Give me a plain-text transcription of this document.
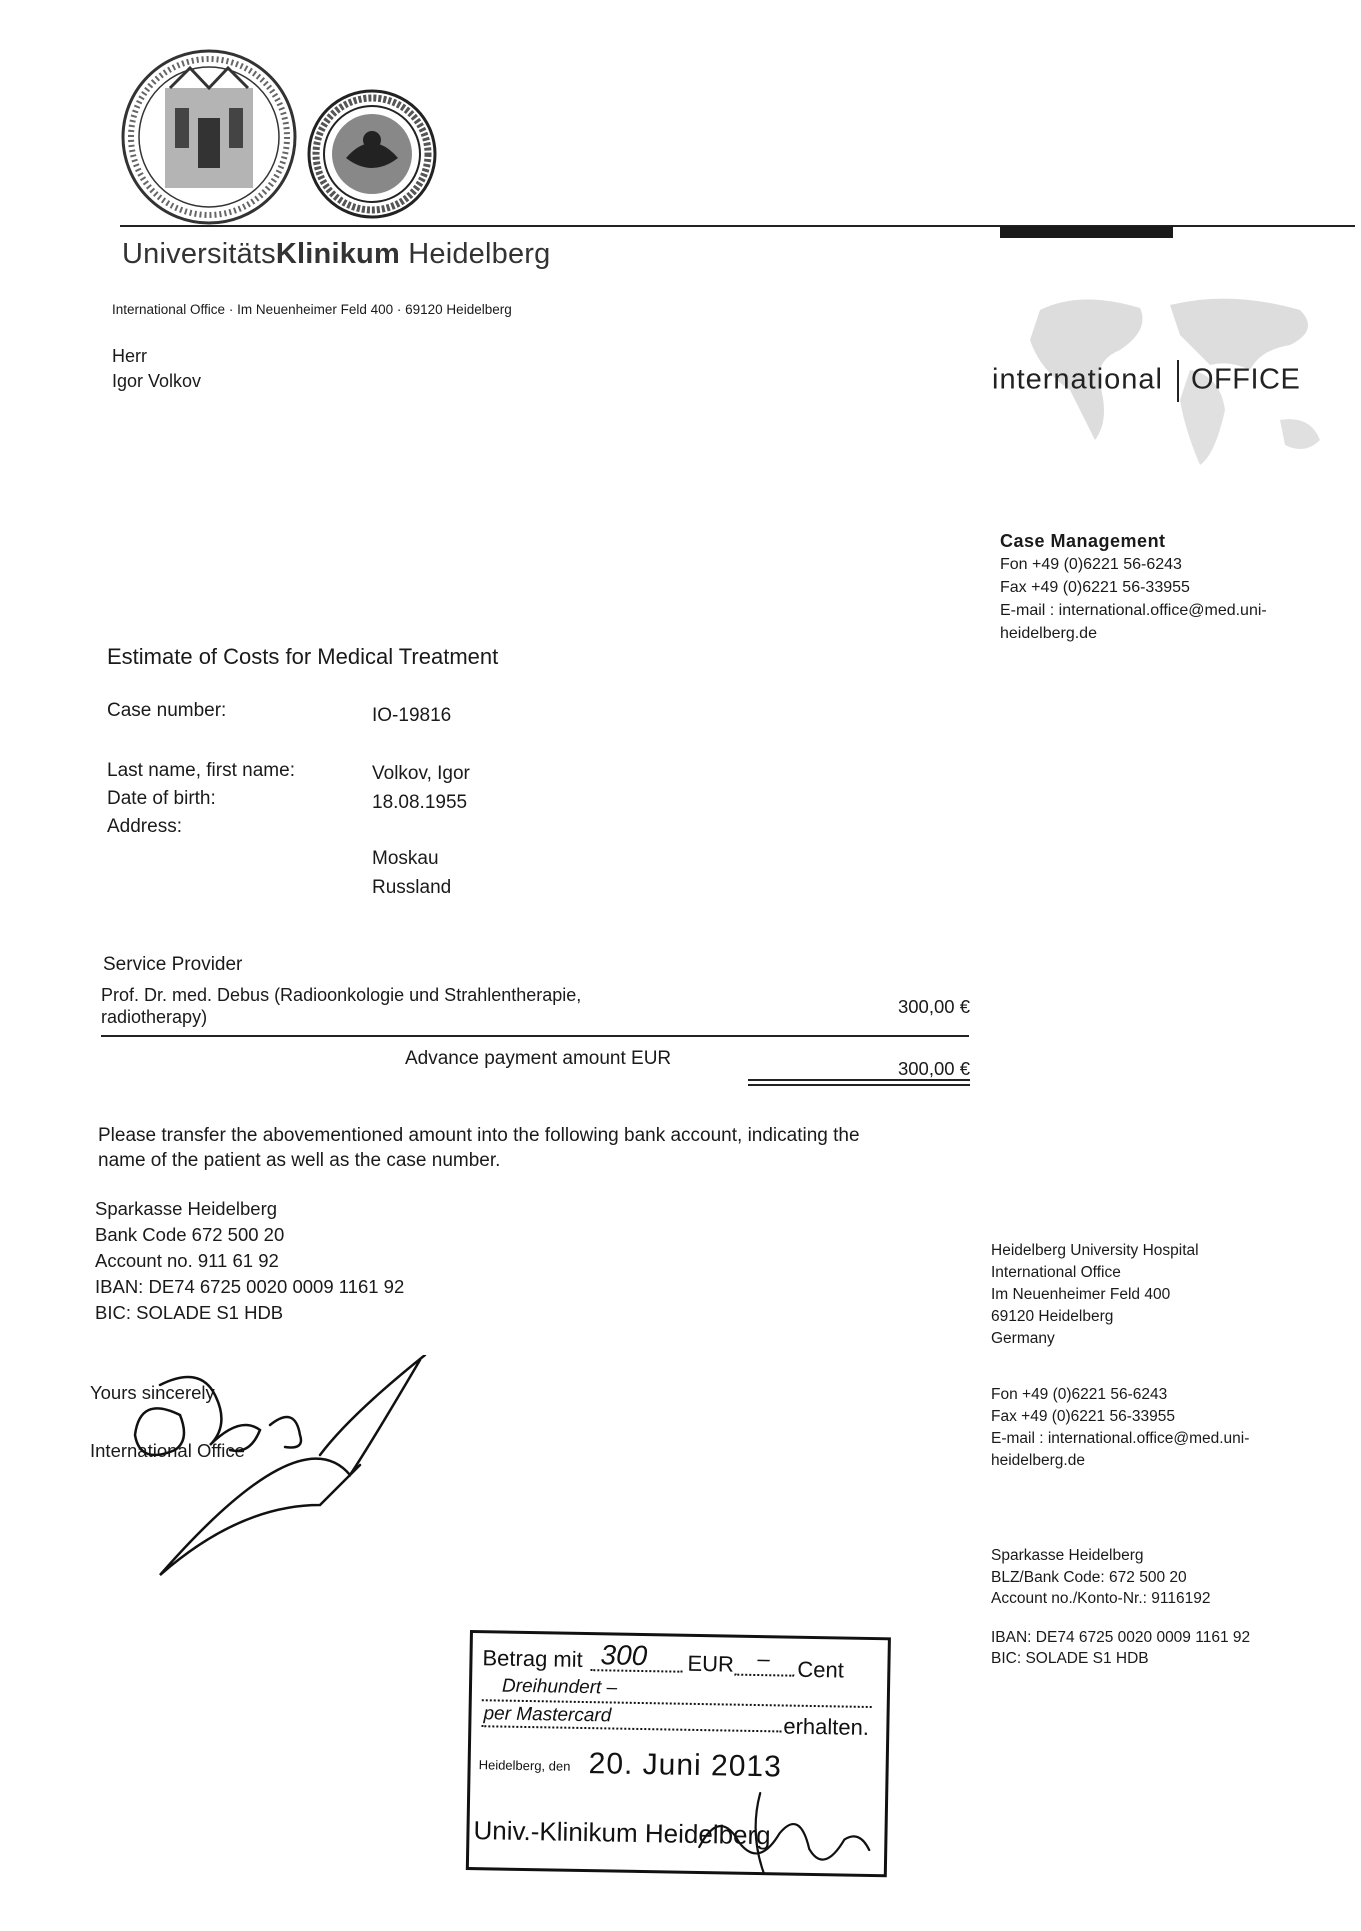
UniversitätsKlinikum Heidelberg
International Office · Im Neuenheimer Feld 400 · 69120 Heidelberg
Herr
Igor Volkov	international OFFICE
Case Management
Fon +49 (0)6221 56-6243
Fax +49 (0)6221 56-33955
E-mail : international.office@med.uni-
heidelberg.de
Estimate of Costs for Medical Treatment
Case number:	IO-19816
Last name, first name:	Volkov, Igor
Date of birth:	18.08.1955
Address:
Moskau
Russland
Service Provider
Prof. Dr. med. Debus (Radioonkologie und Strahlentherapie,
radiotherapy)	300,00 €
Advance payment amount EUR	300,00 €
Please transfer the abovementioned amount into the following bank account, indicating the
name of the patient as well as the case number.
Sparkasse Heidelberg
Bank Code 672 500 20
Account no. 911 61 92
IBAN: DE74 6725 0020 0009 1161 92
BIC: SOLADE S1 HDB
Yours sincerely
International Office
Heidelberg University Hospital
International Office
Im Neuenheimer Feld 400
69120 Heidelberg
Germany
Fon +49 (0)6221 56-6243
Fax +49 (0)6221 56-33955
E-mail : international.office@med.uni-
heidelberg.de
Sparkasse Heidelberg
BLZ/Bank Code: 672 500 20
Account no./Konto-Nr.: 9116192
IBAN: DE74 6725 0020 0009 1161 92
BIC: SOLADE S1 HDB
Betrag mit 300 EUR – Cent
Dreihundert –
per Mastercard	erhalten.
Heidelberg, den 20. Juni 2013
Univ.-Klinikum Heidelberg
